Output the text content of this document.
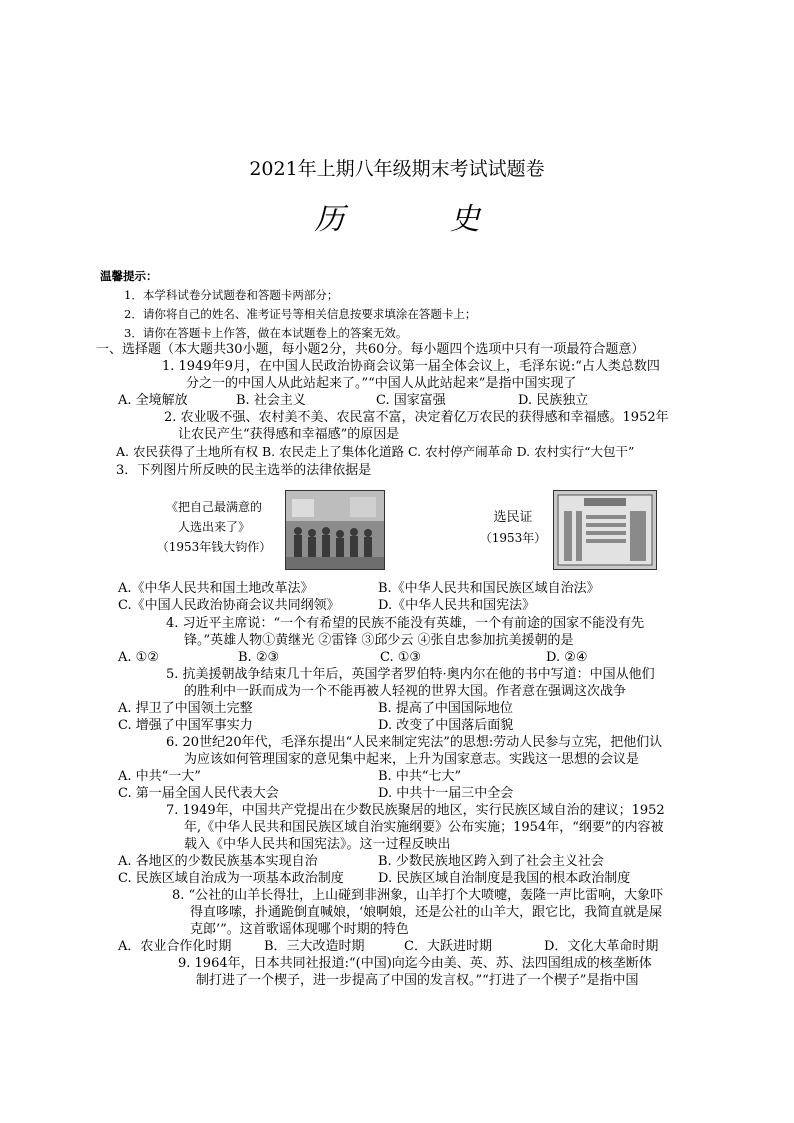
2021年上期八年级期末考试试题卷
历 史
温馨提示：
1．本学科试卷分试题卷和答题卡两部分；
2．请你将自己的姓名、准考证号等相关信息按要求填涂在答题卡上；
3．请你在答题卡上作答，做在本试题卷上的答案无效。
一、选择题（本大题共30小题，每小题2分，共60分。每小题四个选项中只有一项最符合题意）
1. 1949年9月，在中国人民政治协商会议第一届全体会议上，毛泽东说:“占人类总数四
分之一的中国人从此站起来了。”“中国人从此站起来”是指中国实现了
A. 全境解放	B. 社会主义	C. 国家富强	D. 民族独立
2. 农业吸不强、农村美不美、农民富不富，决定着亿万农民的获得感和幸福感。1952年
让农民产生“获得感和幸福感”的原因是
A. 农民获得了土地所有权 B. 农民走上了集体化道路 C. 农村停产闹革命 D. 农村实行“大包干”
3．下列图片所反映的民主选举的法律依据是
《把自己最满意的
人选出来了》
（1953年钱大钧作）
选民证
（1953年）
A.《中华人民共和国土地改革法》	B.《中华人民共和国民族区域自治法》
C.《中国人民政治协商会议共同纲领》	D.《中华人民共和国宪法》
4. 习近平主席说：“一个有希望的民族不能没有英雄，一个有前途的国家不能没有先
锋。”英雄人物①黄继光 ②雷锋 ③邱少云 ④张自忠参加抗美援朝的是
A. ①②	B. ②③	C. ①③	D. ②④
5. 抗美援朝战争结束几十年后，英国学者罗伯特·奥内尔在他的书中写道：中国从他们
的胜利中一跃而成为一个不能再被人轻视的世界大国。作者意在强调这次战争
A. 捍卫了中国领土完整	B. 提高了中国国际地位
C. 增强了中国军事实力	D. 改变了中国落后面貌
6. 20世纪20年代，毛泽东提出“人民来制定宪法”的思想:劳动人民参与立宪，把他们认
为应该如何管理国家的意见集中起来，上升为国家意志。实践这一思想的会议是
A. 中共“一大”	B. 中共“七大”
C. 第一届全国人民代表大会	D. 中共十一届三中全会
7. 1949年，中国共产党提出在少数民族聚居的地区，实行民族区域自治的建议；1952
年,《中华人民共和国民族区域自治实施纲要》公布实施；1954年，“纲要”的内容被
载入《中华人民共和国宪法》。这一过程反映出
A. 各地区的少数民族基本实现自治	B. 少数民族地区跨入到了社会主义社会
C. 民族区域自治成为一项基本政治制度	D. 民族区域自治制度是我国的根本政治制度
8. “公社的山羊长得壮，上山碰到非洲象，山羊打个大喷嚏，轰隆一声比雷响，大象吓
得直哆嗦，扑通跪倒直喊娘，‘娘啊娘，还是公社的山羊大，跟它比，我简直就是屎
克郎’”。这首歌谣体现哪个时期的特色
A．农业合作化时期	B．三大改造时期	C．大跃进时期	D．文化大革命时期
9. 1964年，日本共同社报道:“(中国)向迄今由美、英、苏、法四国组成的核垄断体
制打进了一个楔子，进一步提高了中国的发言权。”“打进了一个楔子”是指中国
